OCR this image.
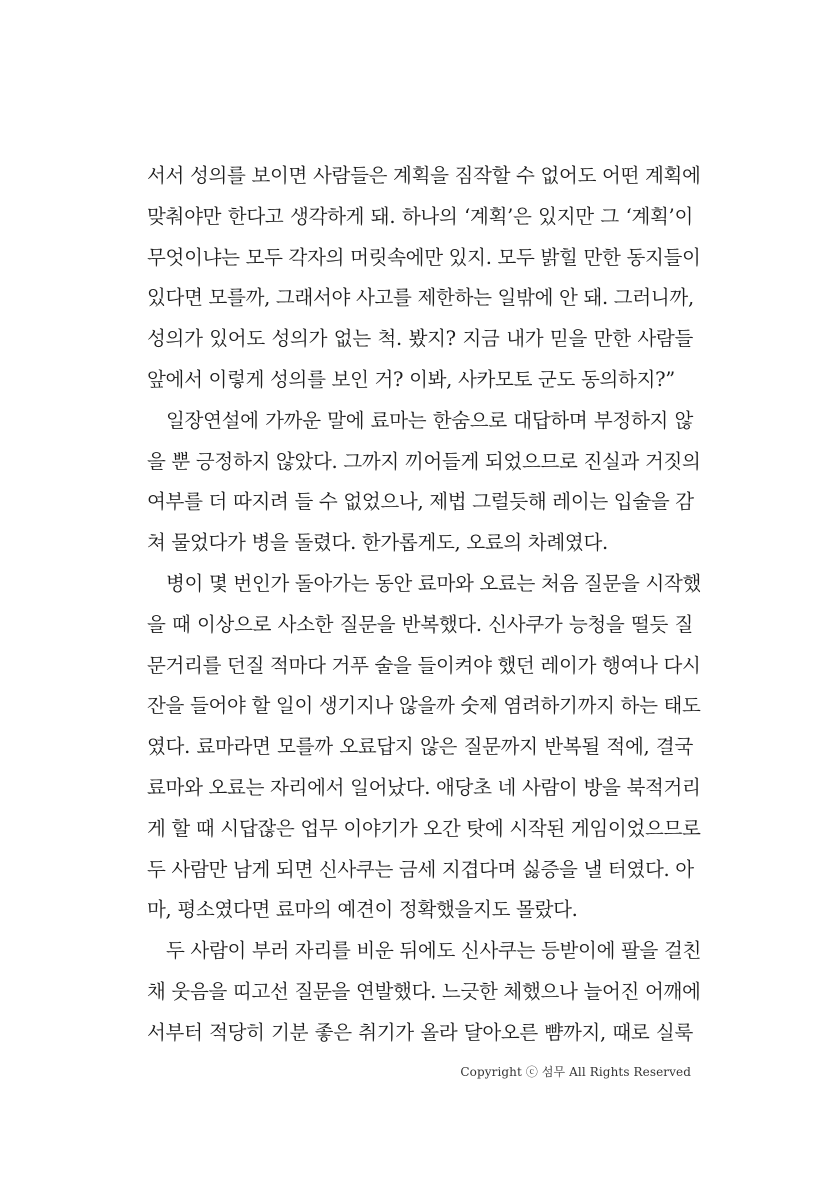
서서 성의를 보이면 사람들은 계획을 짐작할 수 없어도 어떤 계획에
맞춰야만 한다고 생각하게 돼. 하나의 ‘계획’은 있지만 그 ‘계획’이
무엇이냐는 모두 각자의 머릿속에만 있지. 모두 밝힐 만한 동지들이
있다면 모를까, 그래서야 사고를 제한하는 일밖에 안 돼. 그러니까,
성의가 있어도 성의가 없는 척. 봤지? 지금 내가 믿을 만한 사람들
앞에서 이렇게 성의를 보인 거? 이봐, 사카모토 군도 동의하지?”
일장연설에 가까운 말에 료마는 한숨으로 대답하며 부정하지 않
을 뿐 긍정하지 않았다. 그까지 끼어들게 되었으므로 진실과 거짓의
여부를 더 따지려 들 수 없었으나, 제법 그럴듯해 레이는 입술을 감
쳐 물었다가 병을 돌렸다. 한가롭게도, 오료의 차례였다.
병이 몇 번인가 돌아가는 동안 료마와 오료는 처음 질문을 시작했
을 때 이상으로 사소한 질문을 반복했다. 신사쿠가 능청을 떨듯 질
문거리를 던질 적마다 거푸 술을 들이켜야 했던 레이가 행여나 다시
잔을 들어야 할 일이 생기지나 않을까 숫제 염려하기까지 하는 태도
였다. 료마라면 모를까 오료답지 않은 질문까지 반복될 적에, 결국
료마와 오료는 자리에서 일어났다. 애당초 네 사람이 방을 북적거리
게 할 때 시답잖은 업무 이야기가 오간 탓에 시작된 게임이었으므로
두 사람만 남게 되면 신사쿠는 금세 지겹다며 싫증을 낼 터였다. 아
마, 평소였다면 료마의 예견이 정확했을지도 몰랐다.
두 사람이 부러 자리를 비운 뒤에도 신사쿠는 등받이에 팔을 걸친
채 웃음을 띠고선 질문을 연발했다. 느긋한 체했으나 늘어진 어깨에
서부터 적당히 기분 좋은 취기가 올라 달아오른 뺨까지, 때로 실룩
Copyright ⓒ 섬무 All Rights Reserved
